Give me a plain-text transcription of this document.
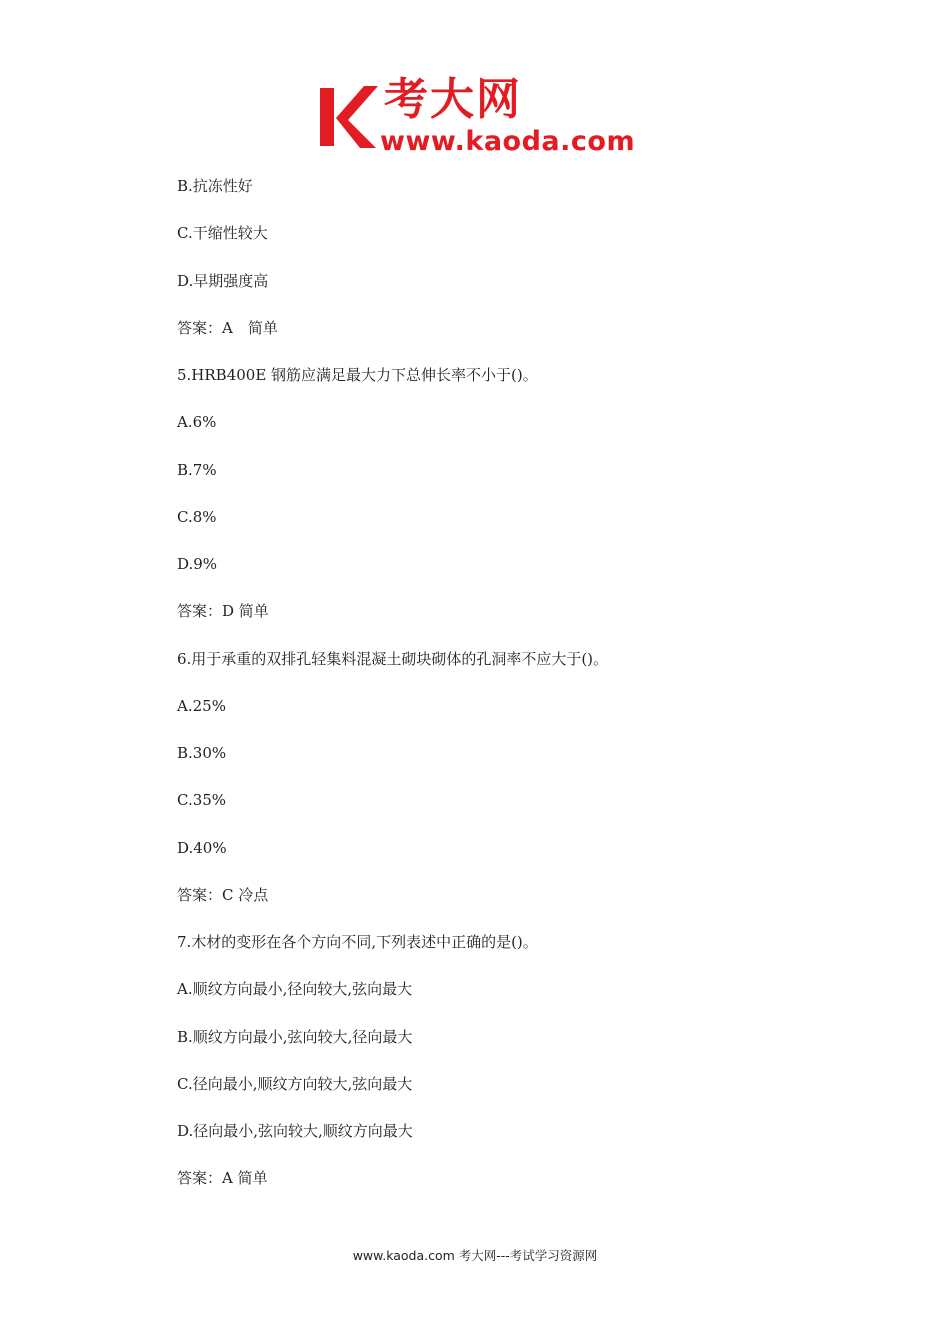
考大网
www.kaoda.com
B.抗冻性好
C.干缩性较大
D.早期强度高
答案：A　简单
5.HRB400E 钢筋应满足最大力下总伸长率不小于()。
A.6%
B.7%
C.8%
D.9%
答案：D 简单
6.用于承重的双排孔轻集料混凝土砌块砌体的孔洞率不应大于()。
A.25%
B.30%
C.35%
D.40%
答案：C 冷点
7.木材的变形在各个方向不同,下列表述中正确的是()。
A.顺纹方向最小,径向较大,弦向最大
B.顺纹方向最小,弦向较大,径向最大
C.径向最小,顺纹方向较大,弦向最大
D.径向最小,弦向较大,顺纹方向最大
答案：A 简单
www.kaoda.com 考大网---考试学习资源网
